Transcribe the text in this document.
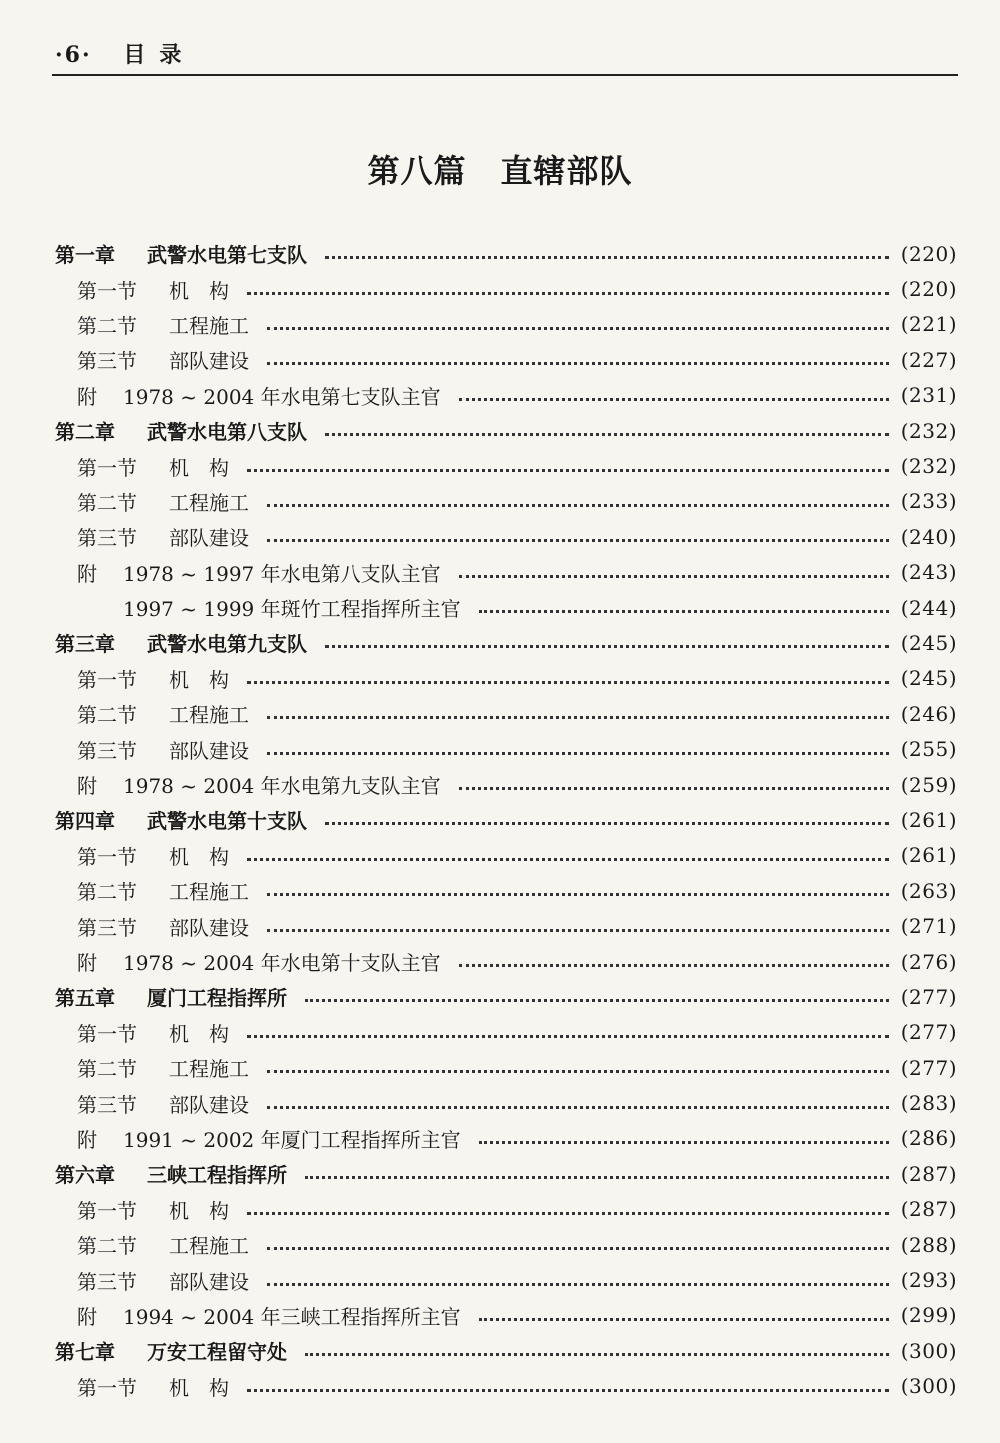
·6· 目录
第八篇 直辖部队
第一章 武警水电第七支队	(220)
第一节 机　构	(220)
第二节 工程施工	(221)
第三节 部队建设	(227)
附 1978 ~ 2004 年水电第七支队主官	(231)
第二章 武警水电第八支队	(232)
第一节 机　构	(232)
第二节 工程施工	(233)
第三节 部队建设	(240)
附 1978 ~ 1997 年水电第八支队主官	(243)
1997 ~ 1999 年斑竹工程指挥所主官	(244)
第三章 武警水电第九支队	(245)
第一节 机　构	(245)
第二节 工程施工	(246)
第三节 部队建设	(255)
附 1978 ~ 2004 年水电第九支队主官	(259)
第四章 武警水电第十支队	(261)
第一节 机　构	(261)
第二节 工程施工	(263)
第三节 部队建设	(271)
附 1978 ~ 2004 年水电第十支队主官	(276)
第五章 厦门工程指挥所	(277)
第一节 机　构	(277)
第二节 工程施工	(277)
第三节 部队建设	(283)
附 1991 ~ 2002 年厦门工程指挥所主官	(286)
第六章 三峡工程指挥所	(287)
第一节 机　构	(287)
第二节 工程施工	(288)
第三节 部队建设	(293)
附 1994 ~ 2004 年三峡工程指挥所主官	(299)
第七章 万安工程留守处	(300)
第一节 机　构	(300)
